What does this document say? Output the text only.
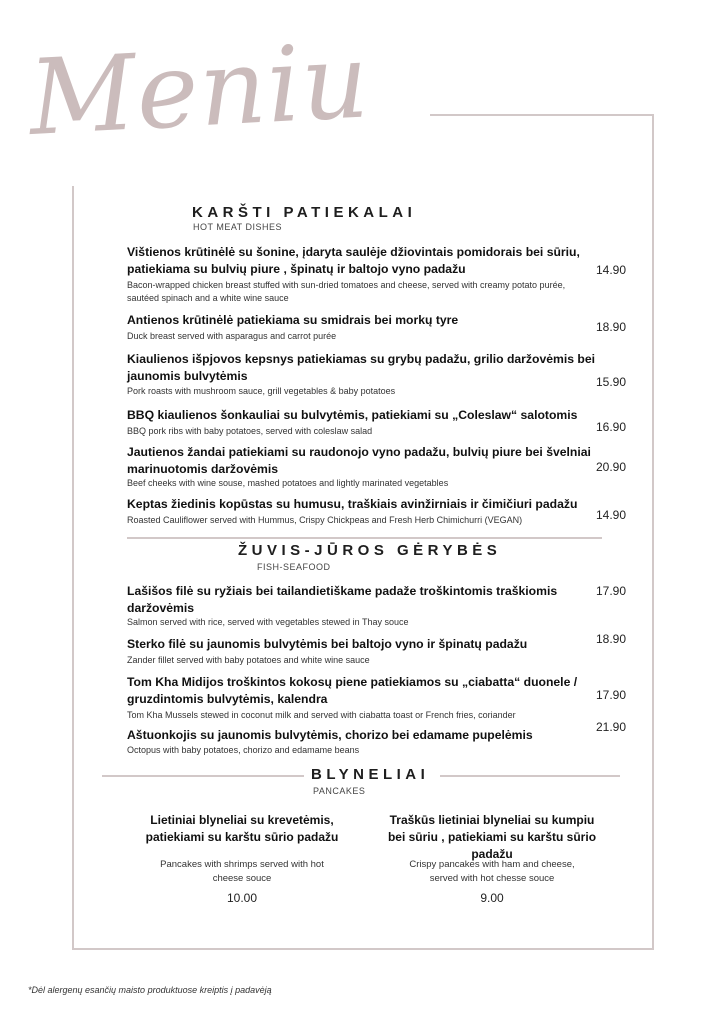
Meniu
KARŠTI PATIEKALAI
HOT MEAT DISHES
Vištienos krūtinėlė su šonine, įdaryta saulėje džiovintais pomidorais bei sūriu, patiekiama su bulvių piure , špinatų ir baltojo vyno padažu
Bacon-wrapped chicken breast stuffed with sun-dried tomatoes and cheese, served with creamy potato purée, sautéed spinach and a white wine sauce
14.90
Antienos krūtinėlė patiekiama su smidrais bei morkų tyre
Duck breast served with asparagus and carrot purée
18.90
Kiaulienos išpjovos kepsnys patiekiamas su grybų padažu, grilio daržovėmis bei jaunomis bulvytėmis
Pork roasts with mushroom sauce, grill vegetables & baby potatoes
15.90
BBQ kiaulienos šonkauliai su bulvytėmis, patiekiami su „Coleslaw“ salotomis
BBQ pork ribs with baby potatoes, served with coleslaw salad	16.90
Jautienos žandai patiekiami su raudonojo vyno padažu, bulvių piure bei švelniai marinuotomis daržovėmis
Beef cheeks with wine souse, mashed potatoes and lightly marinated vegetables
20.90
Keptas žiedinis kopūstas su humusu, traškiais avinžirniais ir čimičiuri padažu
Roasted Cauliflower served with Hummus, Crispy Chickpeas and Fresh Herb Chimichurri (VEGAN)	14.90
ŽUVIS-JŪROS GĖRYBĖS
FISH-SEAFOOD
Lašišos filė su ryžiais bei tailandietiškame padaže troškintomis traškiomis daržovėmis
Salmon served with rice, served with vegetables stewed in Thay souce
17.90
Sterko filė su jaunomis bulvytėmis bei baltojo vyno ir špinatų padažu
Zander fillet served with baby potatoes and white wine sauce
18.90
Tom Kha Midijos troškintos kokosų piene patiekiamos su „ciabatta“ duonele / gruzdintomis bulvytėmis, kalendra
Tom Kha Mussels stewed in coconut milk and served with ciabatta toast or French fries, coriander
17.90
Aštuonkojis su jaunomis bulvytėmis, chorizo bei edamame pupelėmis
Octopus with baby potatoes, chorizo and edamame beans
21.90
BLYNELIAI
PANCAKES
Lietiniai blyneliai su krevetėmis, patiekiami su karštu sūrio padažu
Pancakes with shrimps served with hot cheese souce
10.00
Traškūs lietiniai blyneliai su kumpiu bei sūriu , patiekiami su karštu sūrio padažu
Crispy pancakes with ham and cheese, served with hot chesse souce
9.00
*Dėl alergenų esančių maisto produktuose kreiptis į padavėją
